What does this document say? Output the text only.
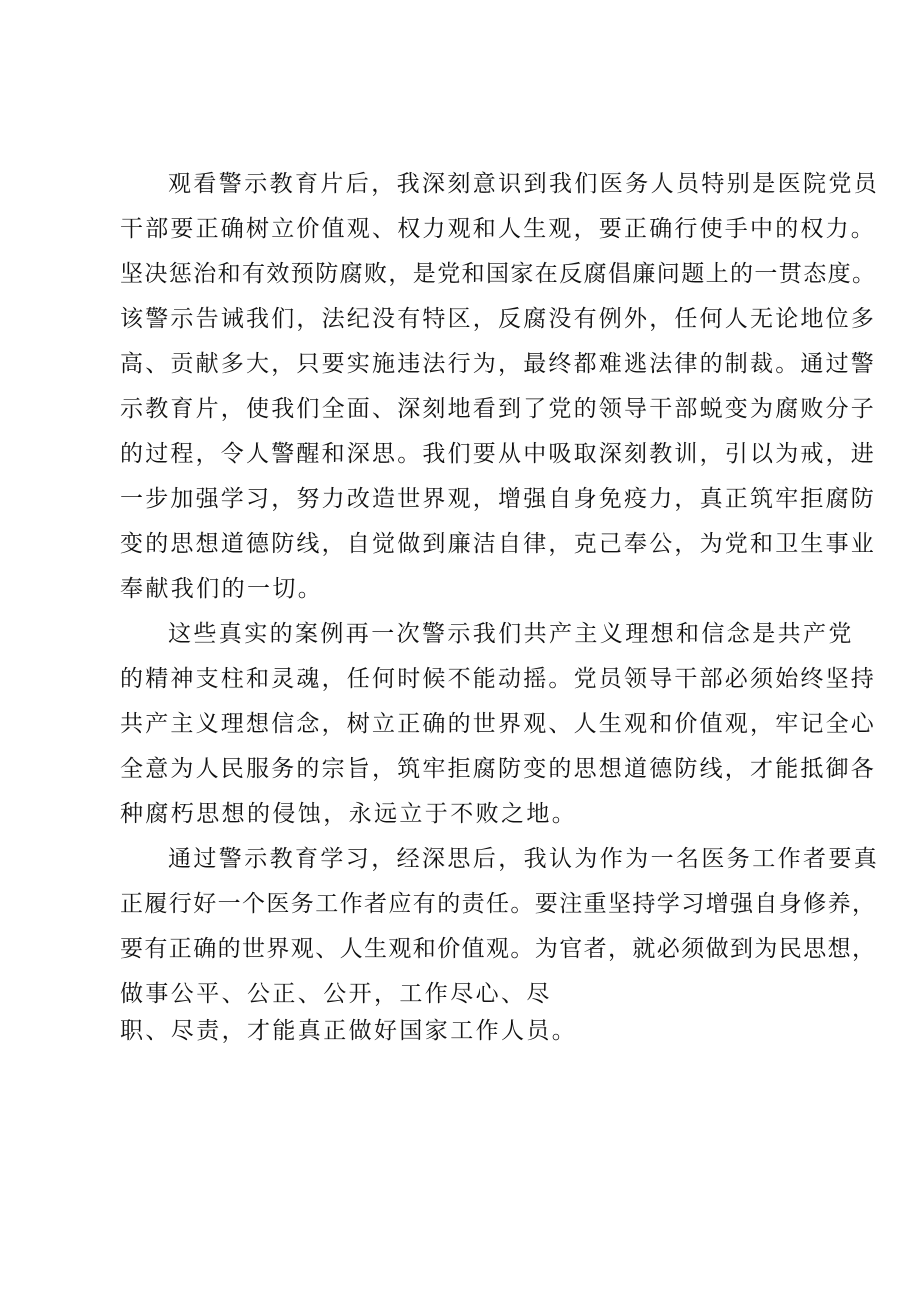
观看警示教育片后，我深刻意识到我们医务人员特别是医院党员
干部要正确树立价值观、权力观和人生观，要正确行使手中的权力。
坚决惩治和有效预防腐败，是党和国家在反腐倡廉问题上的一贯态度。
该警示告诫我们，法纪没有特区，反腐没有例外，任何人无论地位多
高、贡献多大，只要实施违法行为，最终都难逃法律的制裁。通过警
示教育片，使我们全面、深刻地看到了党的领导干部蜕变为腐败分子
的过程，令人警醒和深思。我们要从中吸取深刻教训，引以为戒，进
一步加强学习，努力改造世界观，增强自身免疫力，真正筑牢拒腐防
变的思想道德防线，自觉做到廉洁自律，克己奉公，为党和卫生事业
奉献我们的一切。
这些真实的案例再一次警示我们共产主义理想和信念是共产党
的精神支柱和灵魂，任何时候不能动摇。党员领导干部必须始终坚持
共产主义理想信念，树立正确的世界观、人生观和价值观，牢记全心
全意为人民服务的宗旨，筑牢拒腐防变的思想道德防线，才能抵御各
种腐朽思想的侵蚀，永远立于不败之地。
通过警示教育学习，经深思后，我认为作为一名医务工作者要真
正履行好一个医务工作者应有的责任。要注重坚持学习增强自身修养，
要有正确的世界观、人生观和价值观。为官者，就必须做到为民思想，
做事公平、公正、公开，工作尽心、尽
职、尽责，才能真正做好国家工作人员。
